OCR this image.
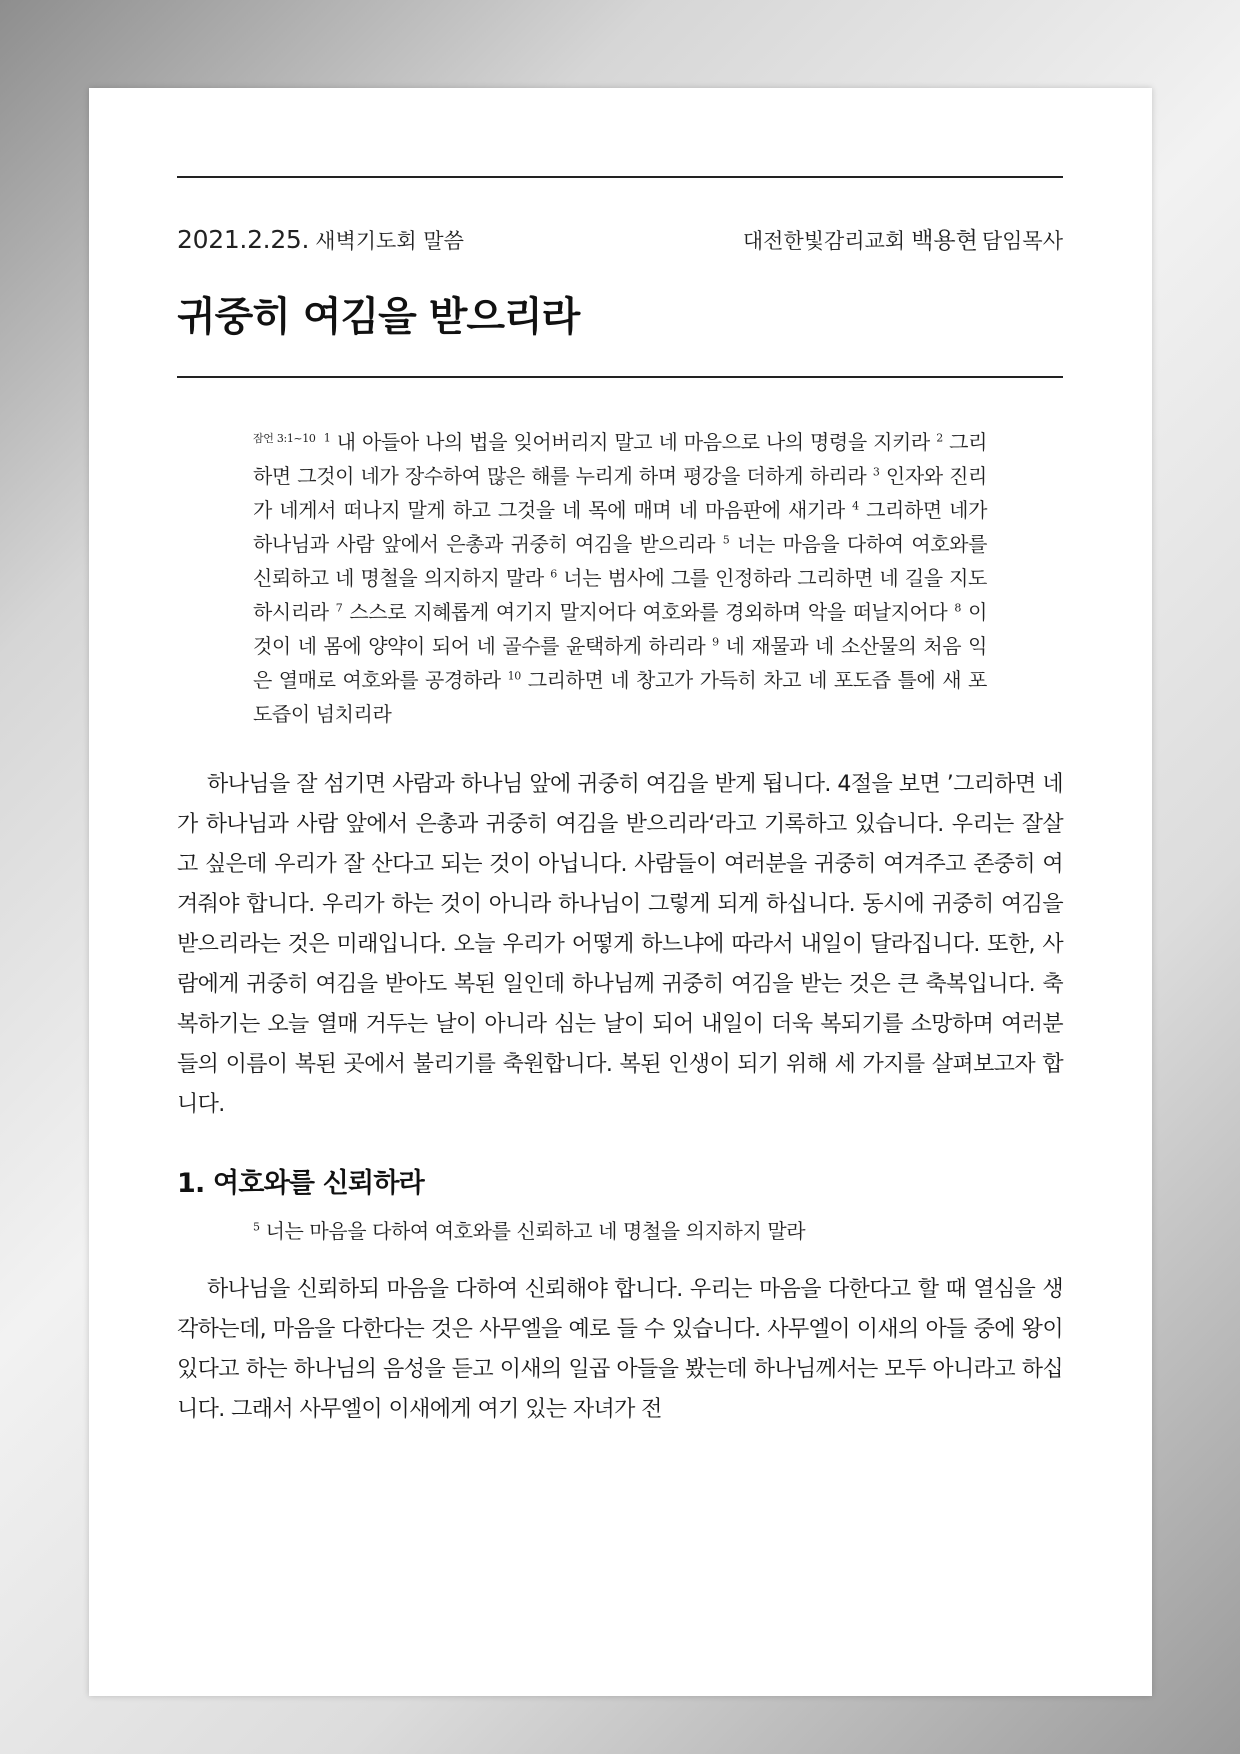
2021.2.25. 새벽기도회 말씀	대전한빛감리교회 백용현 담임목사
귀중히 여김을 받으리라
$^{잠언 3:1\sim 10}$ $^1$ 내 아들아 나의 법을 잊어버리지 말고 네 마음으로 나의 명령을 지키라 $^2$ 그리하면 그것이 네가 장수하여 많은 해를 누리게 하며 평강을 더하게 하리라 $^3$ 인자와 진리가 네게서 떠나지 말게 하고 그것을 네 목에 매며 네 마음판에 새기라 $^4$ 그리하면 네가 하나님과 사람 앞에서 은총과 귀중히 여김을 받으리라 $^5$ 너는 마음을 다하여 여호와를 신뢰하고 네 명철을 의지하지 말라 $^6$ 너는 범사에 그를 인정하라 그리하면 네 길을 지도하시리라 $^7$ 스스로 지혜롭게 여기지 말지어다 여호와를 경외하며 악을 떠날지어다 $^8$ 이것이 네 몸에 양약이 되어 네 골수를 윤택하게 하리라 $^9$ 네 재물과 네 소산물의 처음 익은 열매로 여호와를 공경하라 $^{10}$ 그리하면 네 창고가 가득히 차고 네 포도즙 틀에 새 포도즙이 넘치리라
하나님을 잘 섬기면 사람과 하나님 앞에 귀중히 여김을 받게 됩니다. 4절을 보면 ’그리하면 네가 하나님과 사람 앞에서 은총과 귀중히 여김을 받으리라‘라고 기록하고 있습니다. 우리는 잘살고 싶은데 우리가 잘 산다고 되는 것이 아닙니다. 사람들이 여러분을 귀중히 여겨주고 존중히 여겨줘야 합니다. 우리가 하는 것이 아니라 하나님이 그렇게 되게 하십니다. 동시에 귀중히 여김을 받으리라는 것은 미래입니다. 오늘 우리가 어떻게 하느냐에 따라서 내일이 달라집니다. 또한, 사람에게 귀중히 여김을 받아도 복된 일인데 하나님께 귀중히 여김을 받는 것은 큰 축복입니다. 축복하기는 오늘 열매 거두는 날이 아니라 심는 날이 되어 내일이 더욱 복되기를 소망하며 여러분들의 이름이 복된 곳에서 불리기를 축원합니다. 복된 인생이 되기 위해 세 가지를 살펴보고자 합니다.
1. 여호와를 신뢰하라
$^5$ 너는 마음을 다하여 여호와를 신뢰하고 네 명철을 의지하지 말라
하나님을 신뢰하되 마음을 다하여 신뢰해야 합니다. 우리는 마음을 다한다고 할 때 열심을 생각하는데, 마음을 다한다는 것은 사무엘을 예로 들 수 있습니다. 사무엘이 이새의 아들 중에 왕이 있다고 하는 하나님의 음성을 듣고 이새의 일곱 아들을 봤는데 하나님께서는 모두 아니라고 하십니다. 그래서 사무엘이 이새에게 여기 있는 자녀가 전
